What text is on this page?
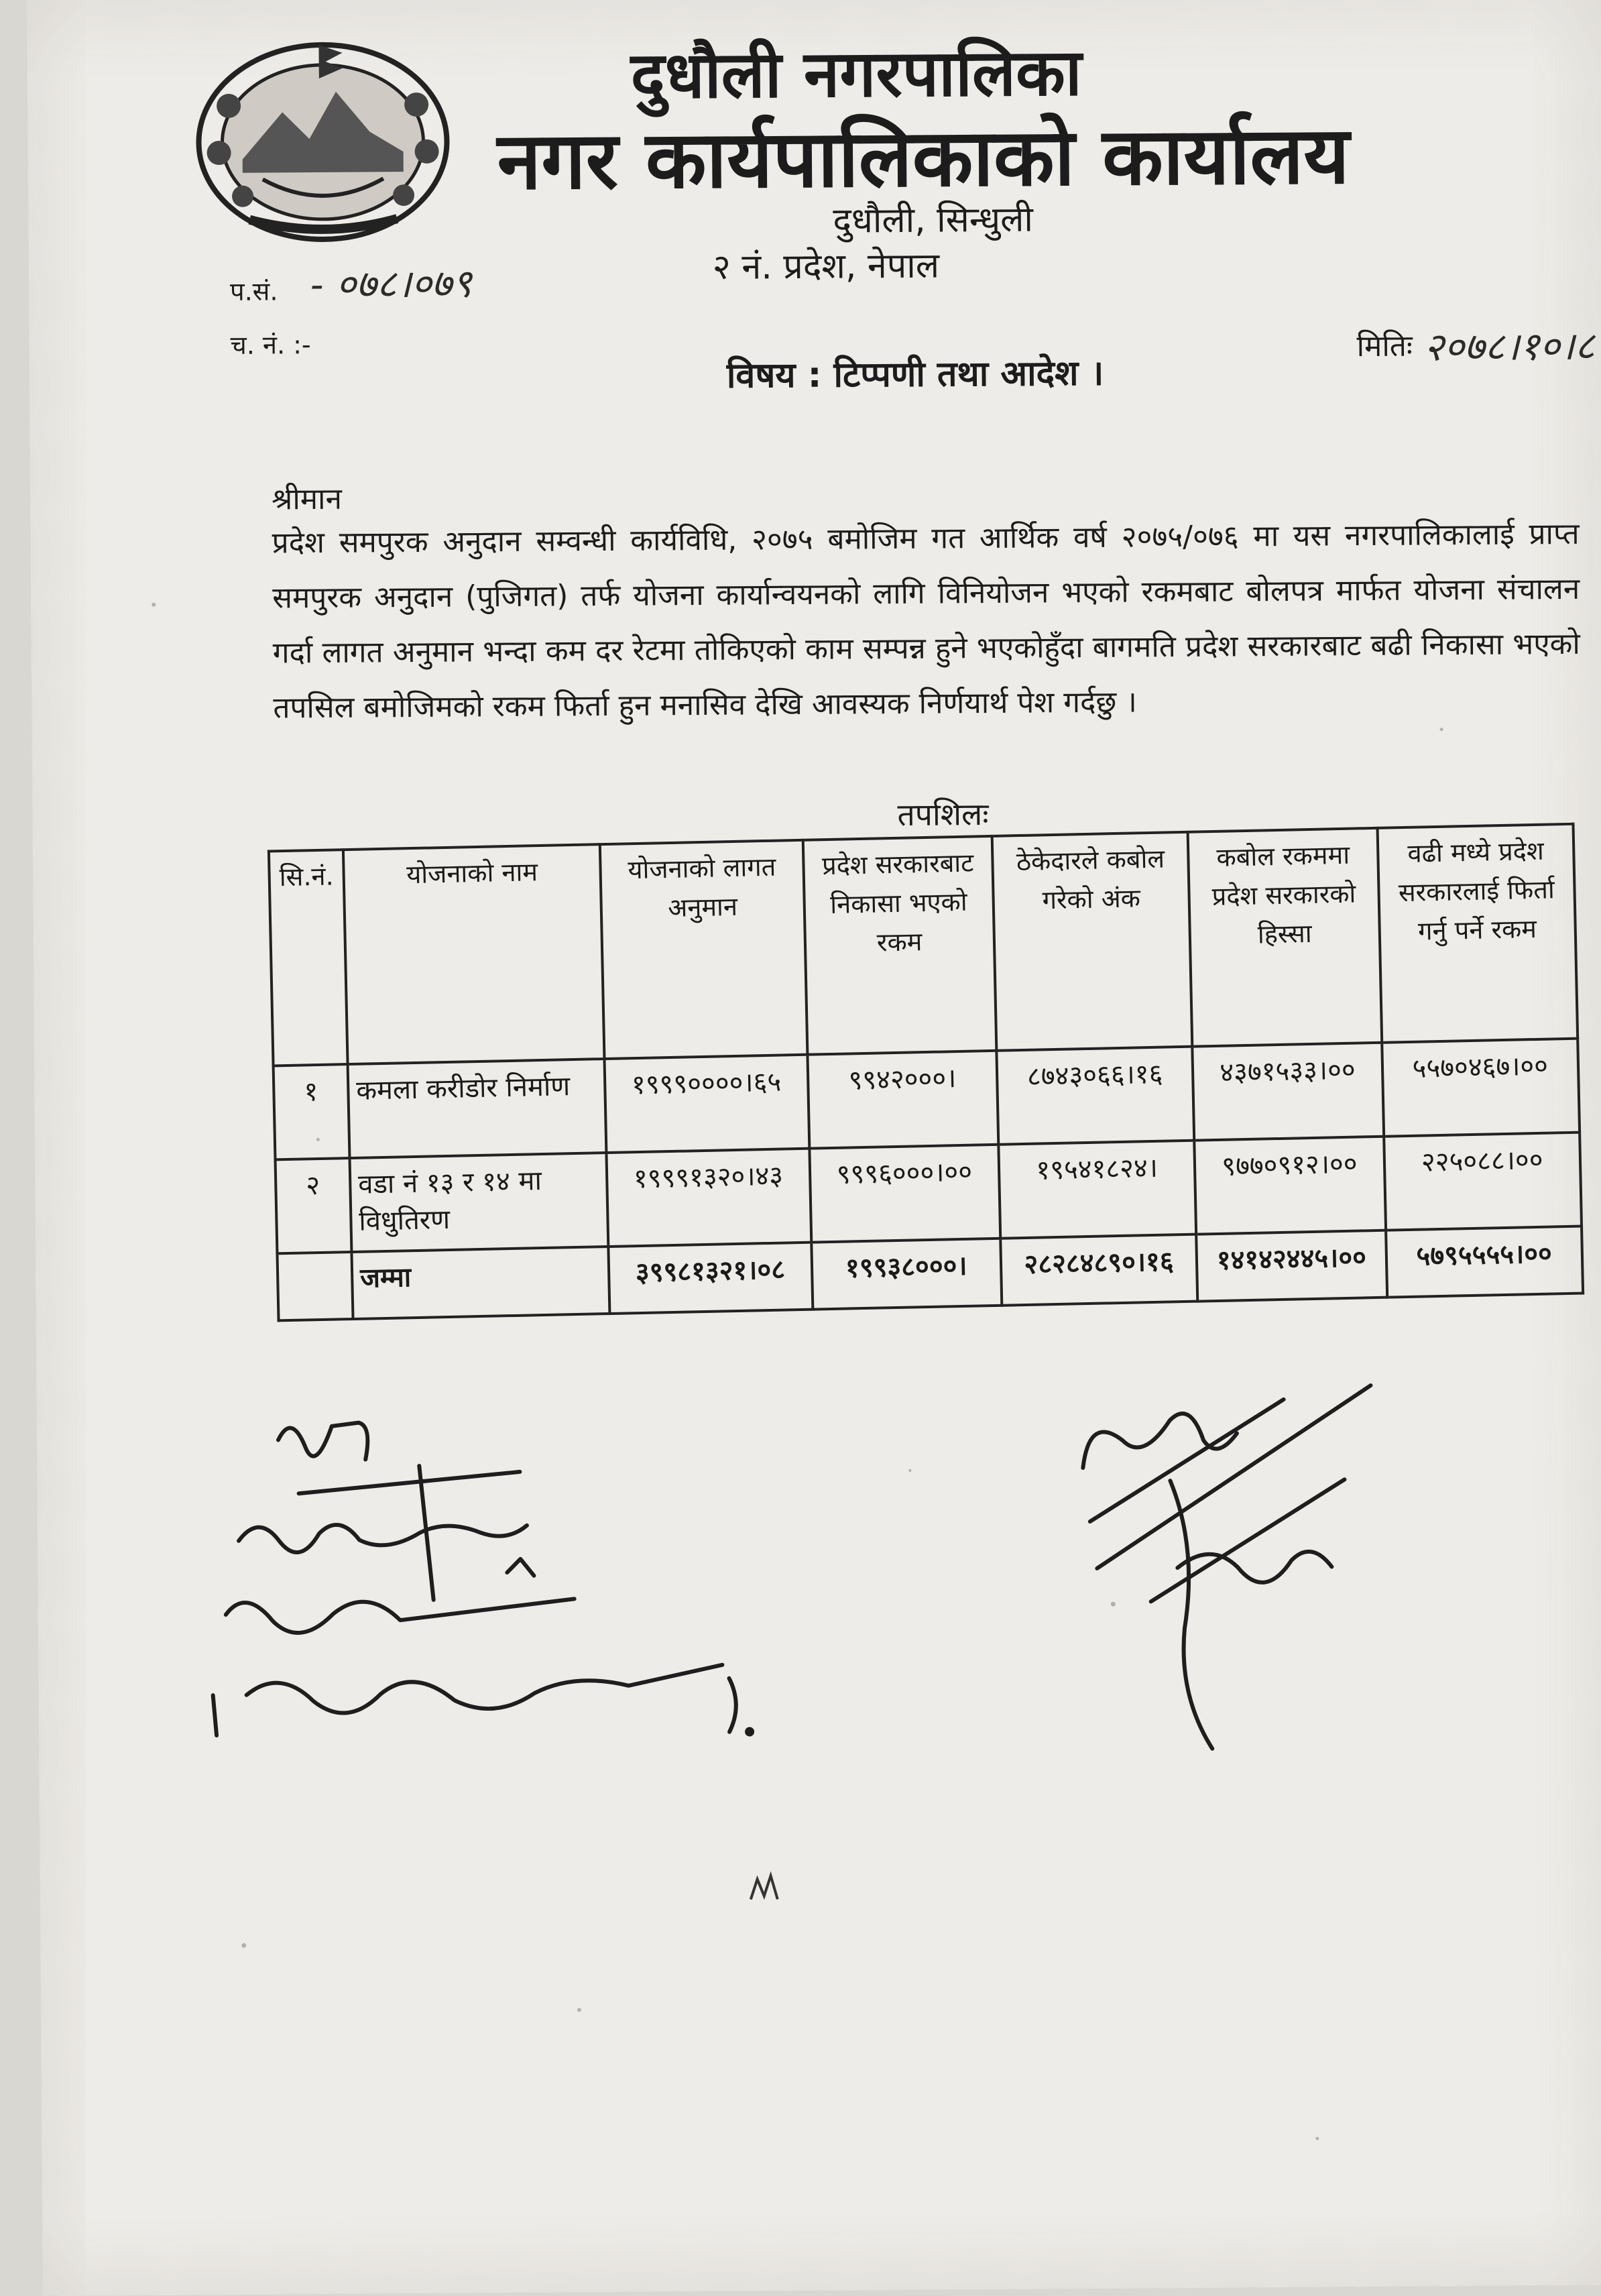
दुधौली नगरपालिका
नगर कार्यपालिकाको कार्यालय
दुधौली, सिन्धुली
२ नं. प्रदेश, नेपाल
प.सं. - ०७८।०७९
च. नं. :-	मितिः २०७८।१०।८
विषय : टिप्पणी तथा आदेश ।
श्रीमान
प्रदेश समपुरक अनुदान सम्वन्धी कार्यविधि, २०७५ बमोजिम गत आर्थिक वर्ष २०७५/०७६ मा यस नगरपालिकालाई प्राप्त समपुरक अनुदान (पुजिगत) तर्फ योजना कार्यान्वयनको लागि विनियोजन भएको रकमबाट बोलपत्र मार्फत योजना संचालन गर्दा लागत अनुमान भन्दा कम दर रेटमा तोकिएको काम सम्पन्न हुने भएकोहुँदा बागमति प्रदेश सरकारबाट बढी निकासा भएको तपसिल बमोजिमको रकम फिर्ता हुन मनासिव देखि आवस्यक निर्णयार्थ पेश गर्दछु ।
तपशिलः
सि.नं.	योजनाको नाम	योजनाको लागत अनुमान	प्रदेश सरकारबाट निकासा भएको रकम	ठेकेदारले कबोल गरेको अंक	कबोल रकममा प्रदेश सरकारको हिस्सा	वढी मध्ये प्रदेश सरकारलाई फिर्ता गर्नु पर्ने रकम
१	कमला करीडोर निर्माण	१९९९००००।६५	९९४२०००।	८७४३०६६।१६	४३७१५३३।००	५५७०४६७।००
२	वडा नं १३ र १४ मा विधुतिरण	१९९९१३२०।४३	९९९६०००।००	१९५४१८२४।	९७७०९१२।००	२२५०८८।००
	जम्मा	३९९८१३२१।०८	१९९३८०००।	२८२८४८९०।१६	१४१४२४४५।००	५७९५५५५।००
